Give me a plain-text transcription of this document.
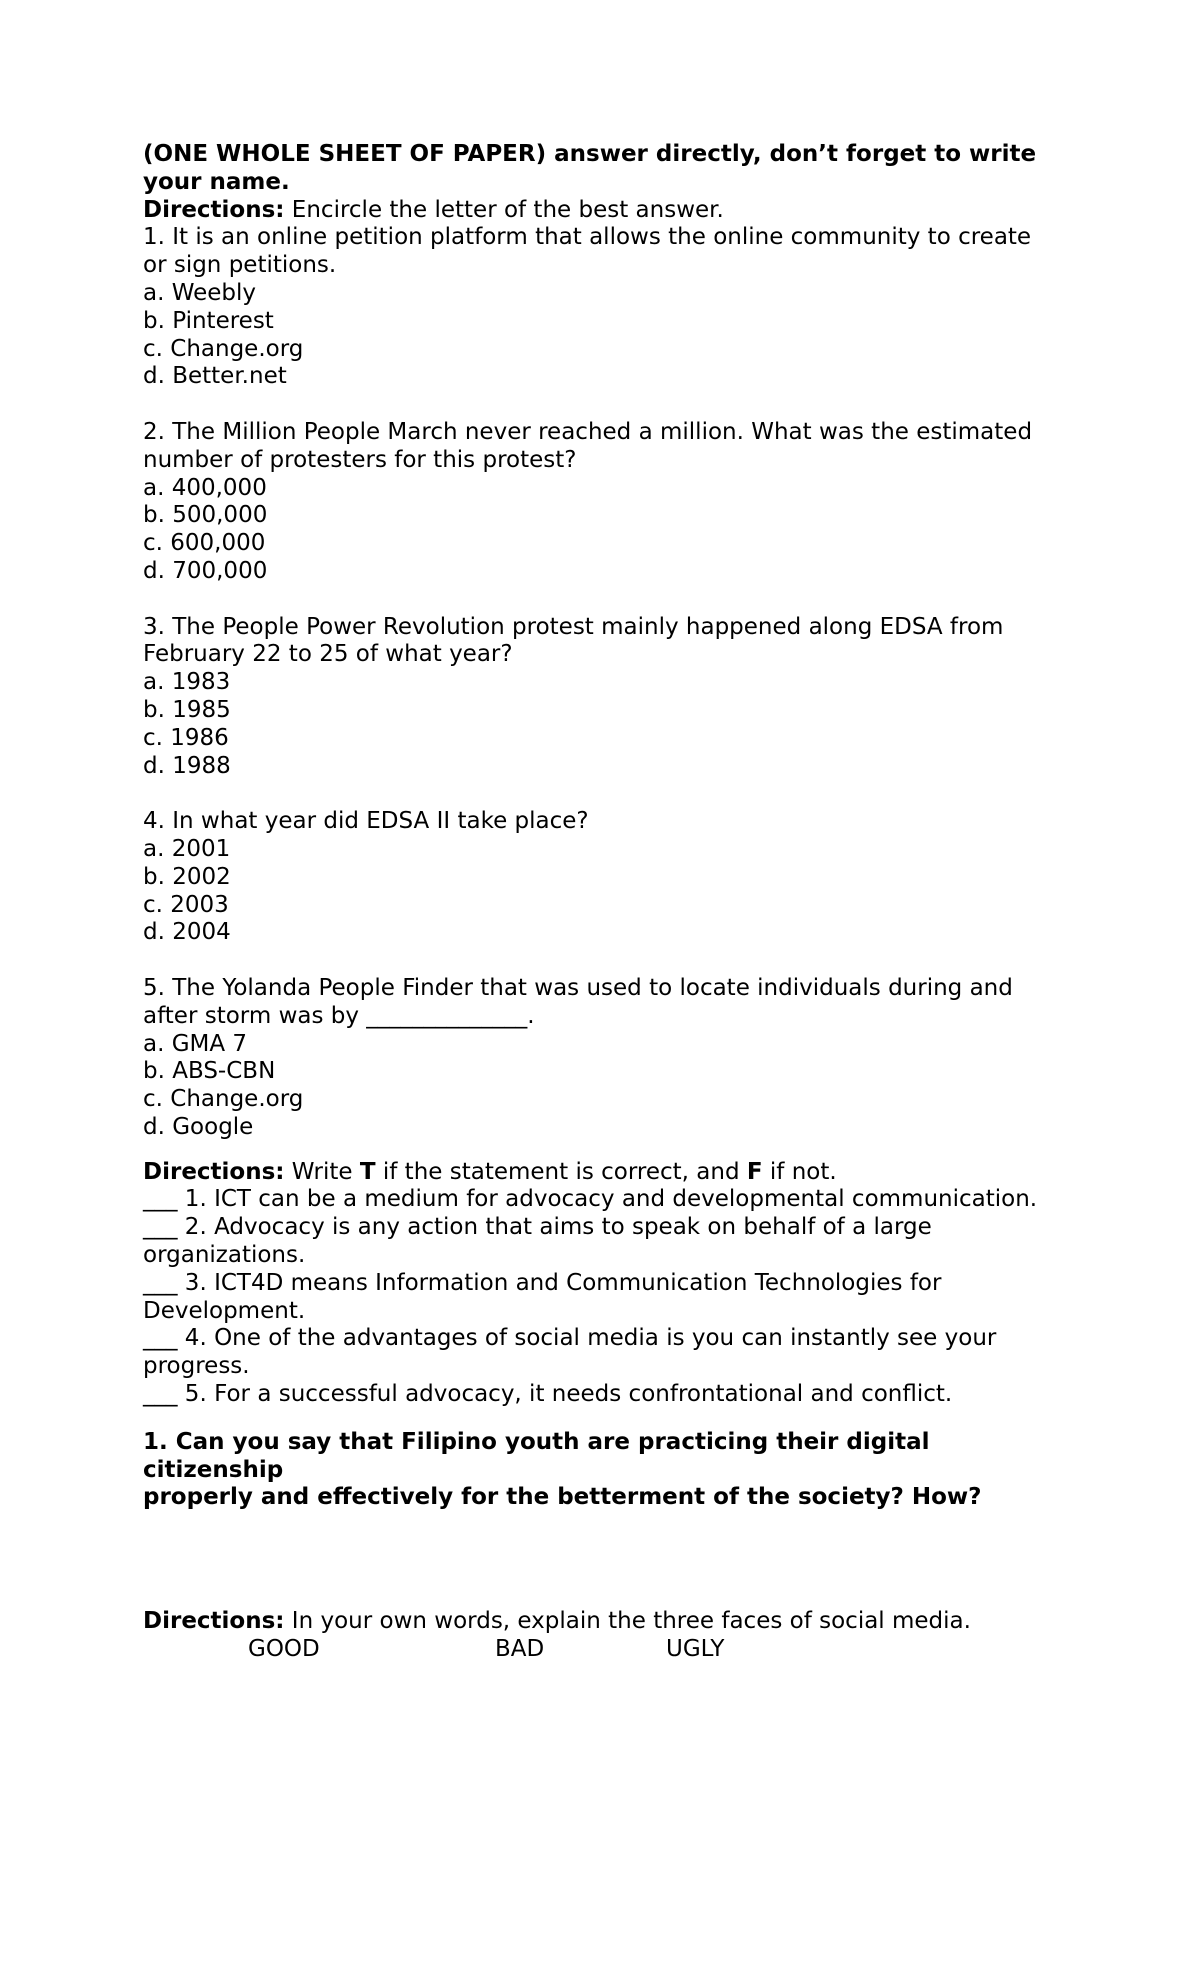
(ONE WHOLE SHEET OF PAPER) answer directly, don’t forget to write
your name.
Directions: Encircle the letter of the best answer.
1. It is an online petition platform that allows the online community to create
or sign petitions.
a. Weebly
b. Pinterest
c. Change.org
d. Better.net
2. The Million People March never reached a million. What was the estimated
number of protesters for this protest?
a. 400,000
b. 500,000
c. 600,000
d. 700,000
3. The People Power Revolution protest mainly happened along EDSA from
February 22 to 25 of what year?
a. 1983
b. 1985
c. 1986
d. 1988
4. In what year did EDSA II take place?
a. 2001
b. 2002
c. 2003
d. 2004
5. The Yolanda People Finder that was used to locate individuals during and
after storm was by ______________.
a. GMA 7
b. ABS-CBN
c. Change.org
d. Google
Directions: Write T if the statement is correct, and F if not.
___ 1. ICT can be a medium for advocacy and developmental communication.
___ 2. Advocacy is any action that aims to speak on behalf of a large
organizations.
___ 3. ICT4D means Information and Communication Technologies for
Development.
___ 4. One of the advantages of social media is you can instantly see your
progress.
___ 5. For a successful advocacy, it needs confrontational and conflict.
1. Can you say that Filipino youth are practicing their digital
citizenship
properly and effectively for the betterment of the society? How?
Directions: In your own words, explain the three faces of social media.
GOOD	BAD	UGLY
